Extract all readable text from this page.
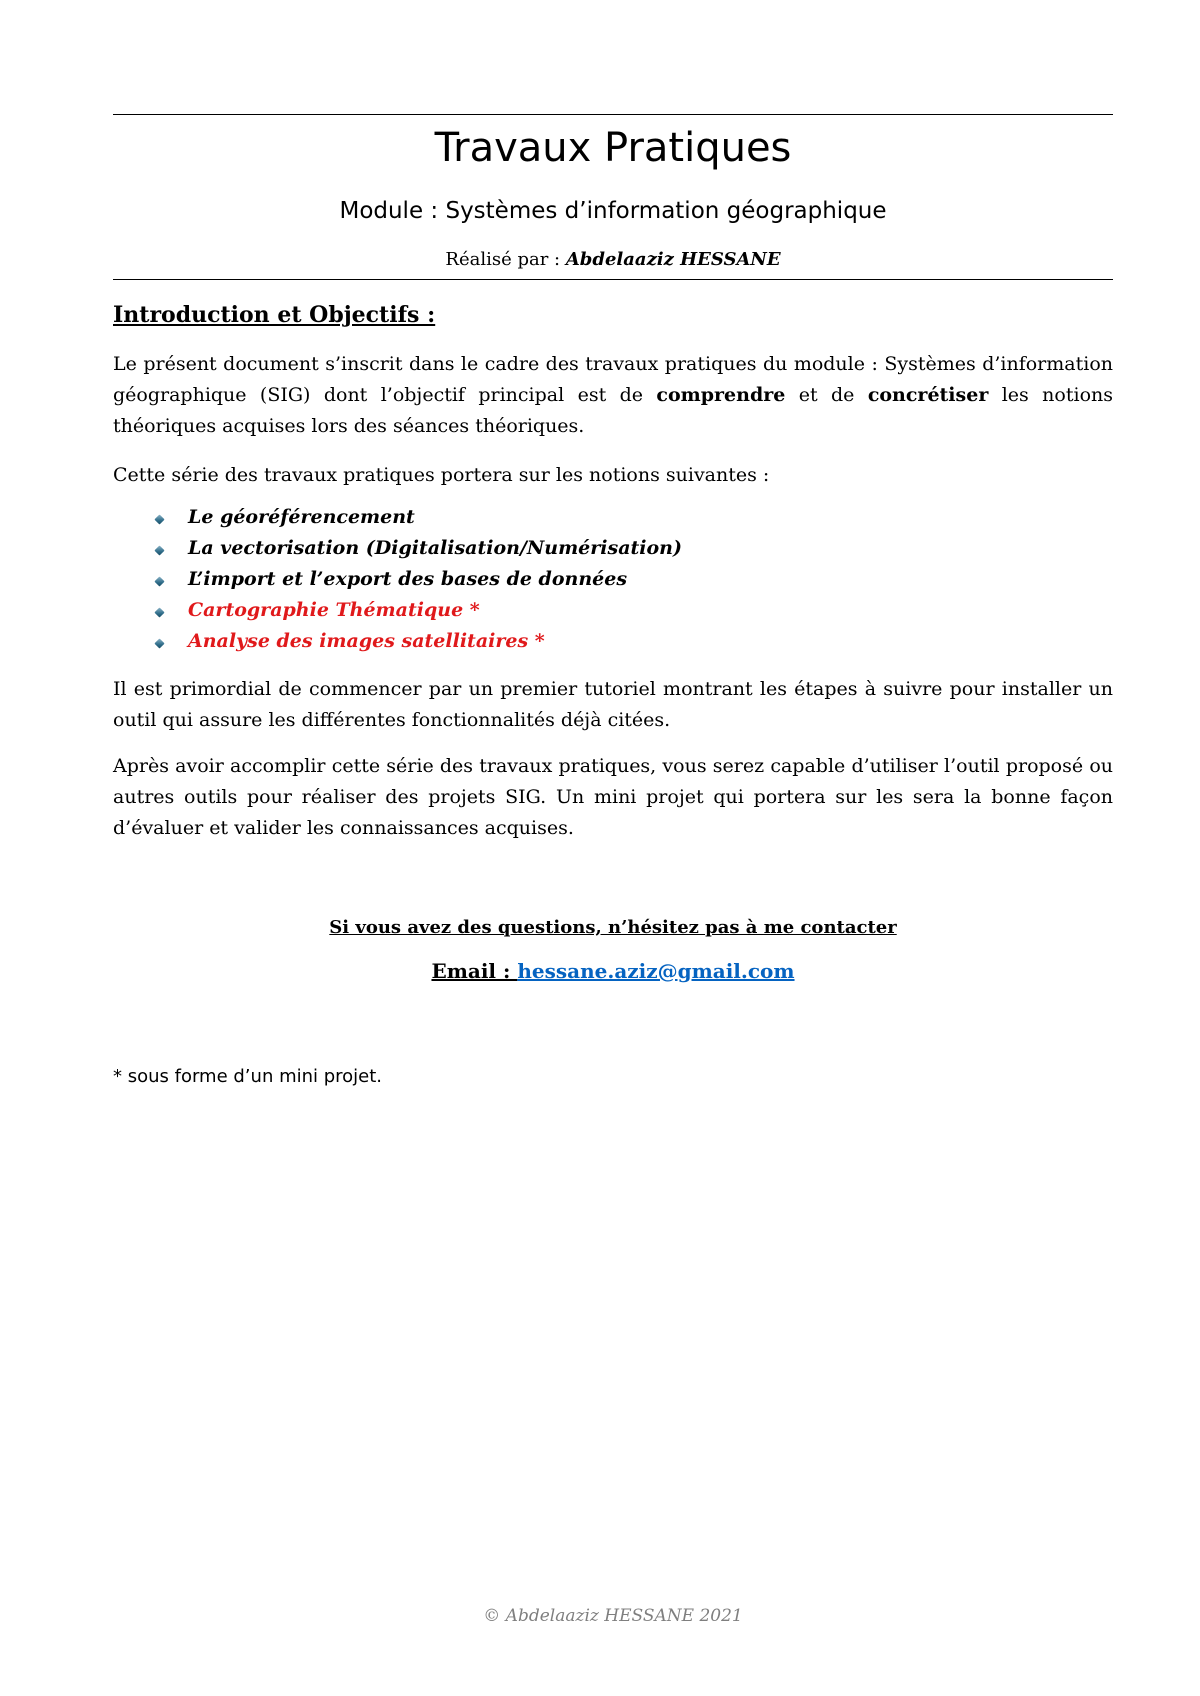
Travaux Pratiques
Module : Systèmes d’information géographique
Réalisé par : Abdelaaziz HESSANE
Introduction et Objectifs :

Le présent document s’inscrit dans le cadre des travaux pratiques du module : Systèmes d’information géographique (SIG) dont l’objectif principal est de comprendre et de concrétiser les notions théoriques acquises lors des séances théoriques.

Cette série des travaux pratiques portera sur les notions suivantes :

Le géoréférencement
La vectorisation (Digitalisation/Numérisation)
L’import et l’export des bases de données
Cartographie Thématique *
Analyse des images satellitaires *

Il est primordial de commencer par un premier tutoriel montrant les étapes à suivre pour installer un outil qui assure les différentes fonctionnalités déjà citées.

Après avoir accomplir cette série des travaux pratiques, vous serez capable d’utiliser l’outil proposé ou autres outils pour réaliser des projets SIG. Un mini projet qui portera sur les sera la bonne façon d’évaluer et valider les connaissances acquises.

Si vous avez des questions, n’hésitez pas à me contacter
Email : hessane.aziz@gmail.com
* sous forme d’un mini projet.
© Abdelaaziz HESSANE 2021
